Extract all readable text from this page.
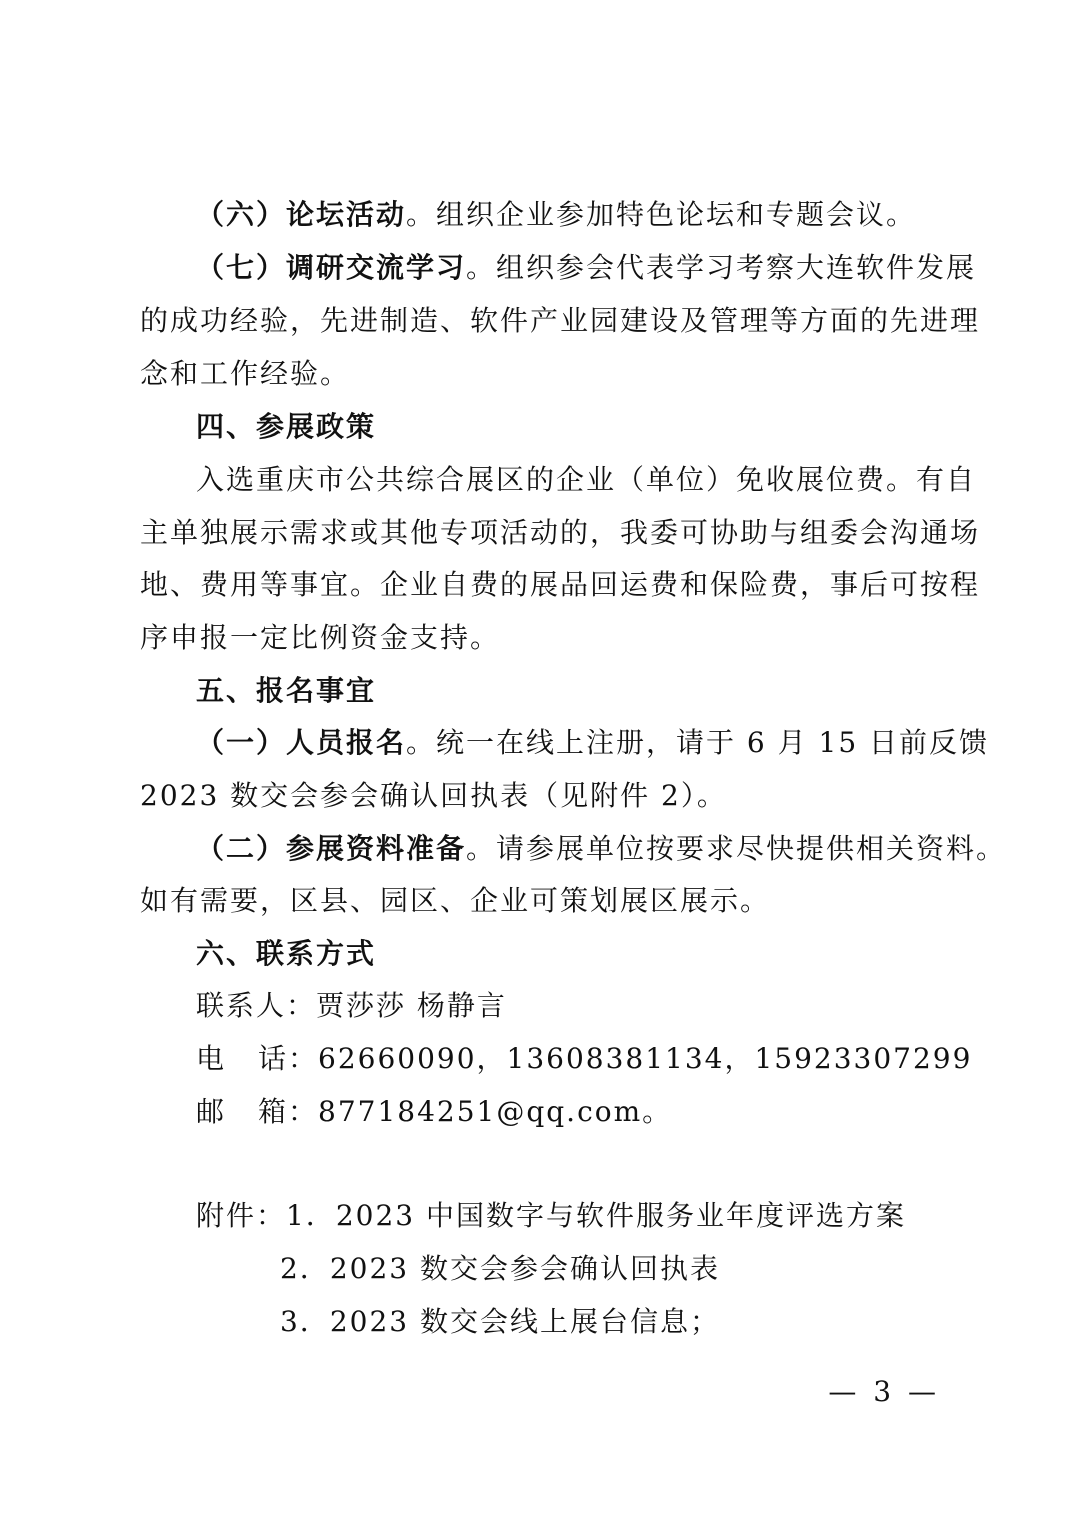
（六）论坛活动。组织企业参加特色论坛和专题会议。
（七）调研交流学习。组织参会代表学习考察大连软件发展
的成功经验，先进制造、软件产业园建设及管理等方面的先进理
念和工作经验。
四、参展政策
入选重庆市公共综合展区的企业（单位）免收展位费。有自
主单独展示需求或其他专项活动的，我委可协助与组委会沟通场
地、费用等事宜。企业自费的展品回运费和保险费，事后可按程
序申报一定比例资金支持。
五、报名事宜
（一）人员报名。统一在线上注册，请于 6 月 15 日前反馈
2023 数交会参会确认回执表（见附件 2）。
（二）参展资料准备。请参展单位按要求尽快提供相关资料。
如有需要，区县、园区、企业可策划展区展示。
六、联系方式
联系人：贾莎莎 杨静言
电 话：62660090，13608381134，15923307299
邮 箱：877184251@qq.com。
附件：1．2023 中国数字与软件服务业年度评选方案
2．2023 数交会参会确认回执表
3．2023 数交会线上展台信息；
— 3 —
